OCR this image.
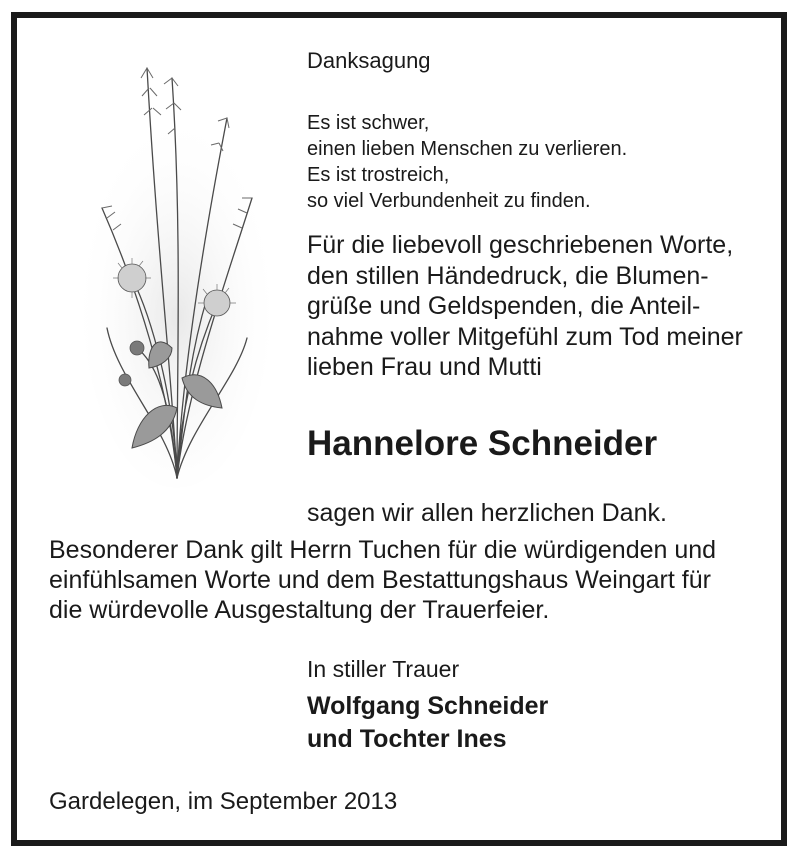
Danksagung
Es ist schwer,
einen lieben Menschen zu verlieren.
Es ist trostreich,
so viel Verbundenheit zu finden.
Für die liebevoll geschriebenen Worte,
den stillen Händedruck, die Blumen-
grüße und Geldspenden, die Anteil-
nahme voller Mitgefühl zum Tod meiner
lieben Frau und Mutti
Hannelore Schneider
sagen wir allen herzlichen Dank.
Besonderer Dank gilt Herrn Tuchen für die würdigenden und
einfühlsamen Worte und dem Bestattungshaus Weingart für
die würdevolle Ausgestaltung der Trauerfeier.
In stiller Trauer
Wolfgang Schneider
und Tochter Ines
Gardelegen, im September 2013
